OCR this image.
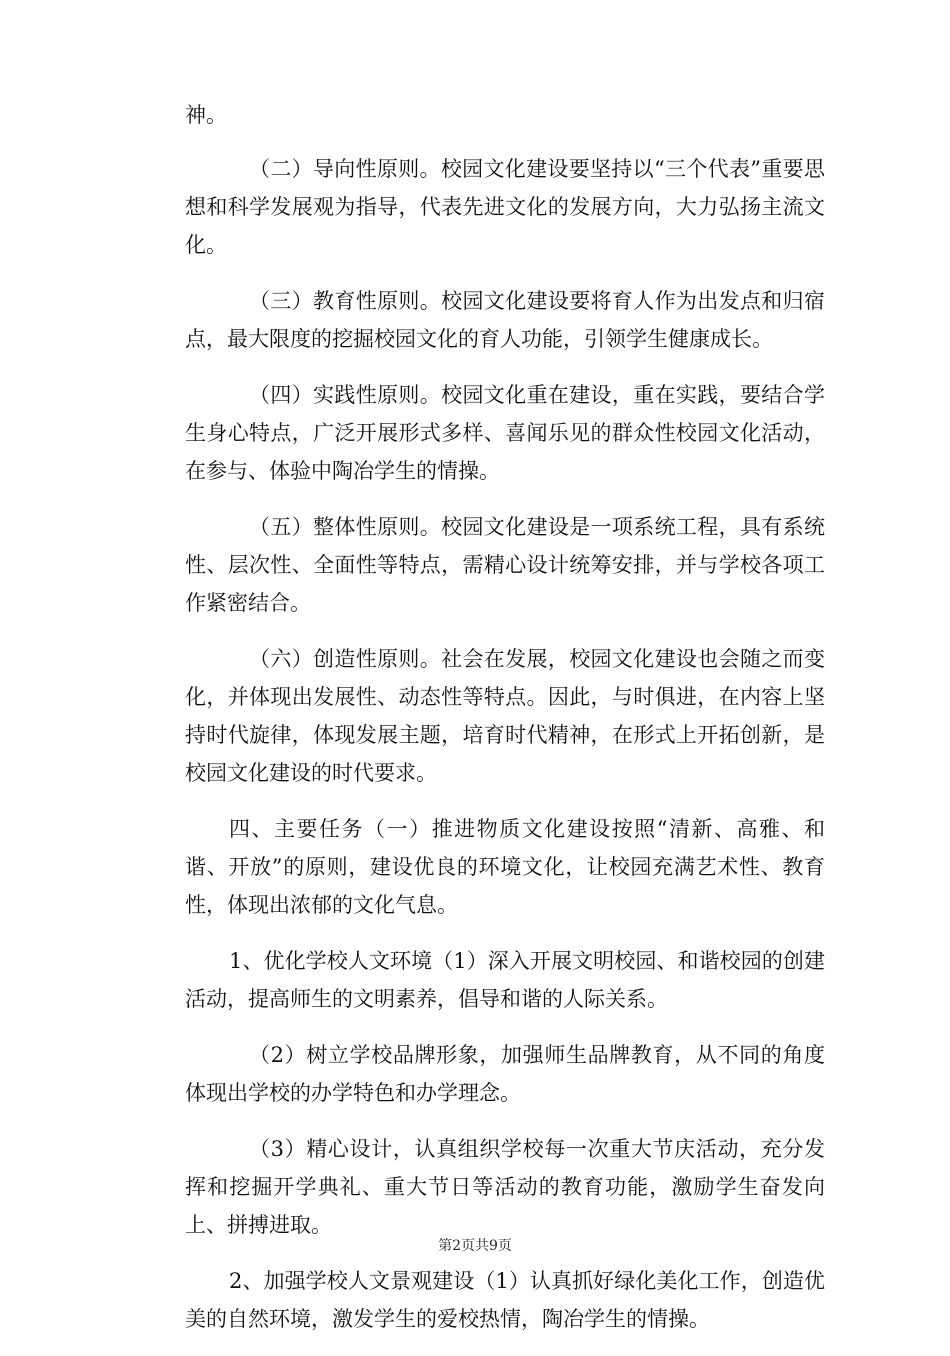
神。

（二）导向性原则。校园文化建设要坚持以“三个代表”重要思想和科学发展观为指导，代表先进文化的发展方向，大力弘扬主流文化。

（三）教育性原则。校园文化建设要将育人作为出发点和归宿点，最大限度的挖掘校园文化的育人功能，引领学生健康成长。

（四）实践性原则。校园文化重在建设，重在实践，要结合学生身心特点，广泛开展形式多样、喜闻乐见的群众性校园文化活动，在参与、体验中陶冶学生的情操。

（五）整体性原则。校园文化建设是一项系统工程，具有系统性、层次性、全面性等特点，需精心设计统筹安排，并与学校各项工作紧密结合。

（六）创造性原则。社会在发展，校园文化建设也会随之而变化，并体现出发展性、动态性等特点。因此，与时俱进，在内容上坚持时代旋律，体现发展主题，培育时代精神，在形式上开拓创新，是校园文化建设的时代要求。

四、主要任务（一）推进物质文化建设按照“清新、高雅、和谐、开放”的原则，建设优良的环境文化，让校园充满艺术性、教育性，体现出浓郁的文化气息。

1、优化学校人文环境（1）深入开展文明校园、和谐校园的创建活动，提高师生的文明素养，倡导和谐的人际关系。

（2）树立学校品牌形象，加强师生品牌教育，从不同的角度体现出学校的办学特色和办学理念。

（3）精心设计，认真组织学校每一次重大节庆活动，充分发挥和挖掘开学典礼、重大节日等活动的教育功能，激励学生奋发向上、拼搏进取。

2、加强学校人文景观建设（1）认真抓好绿化美化工作，创造优美的自然环境，激发学生的爱校热情，陶冶学生的情操。

第2页共9页
